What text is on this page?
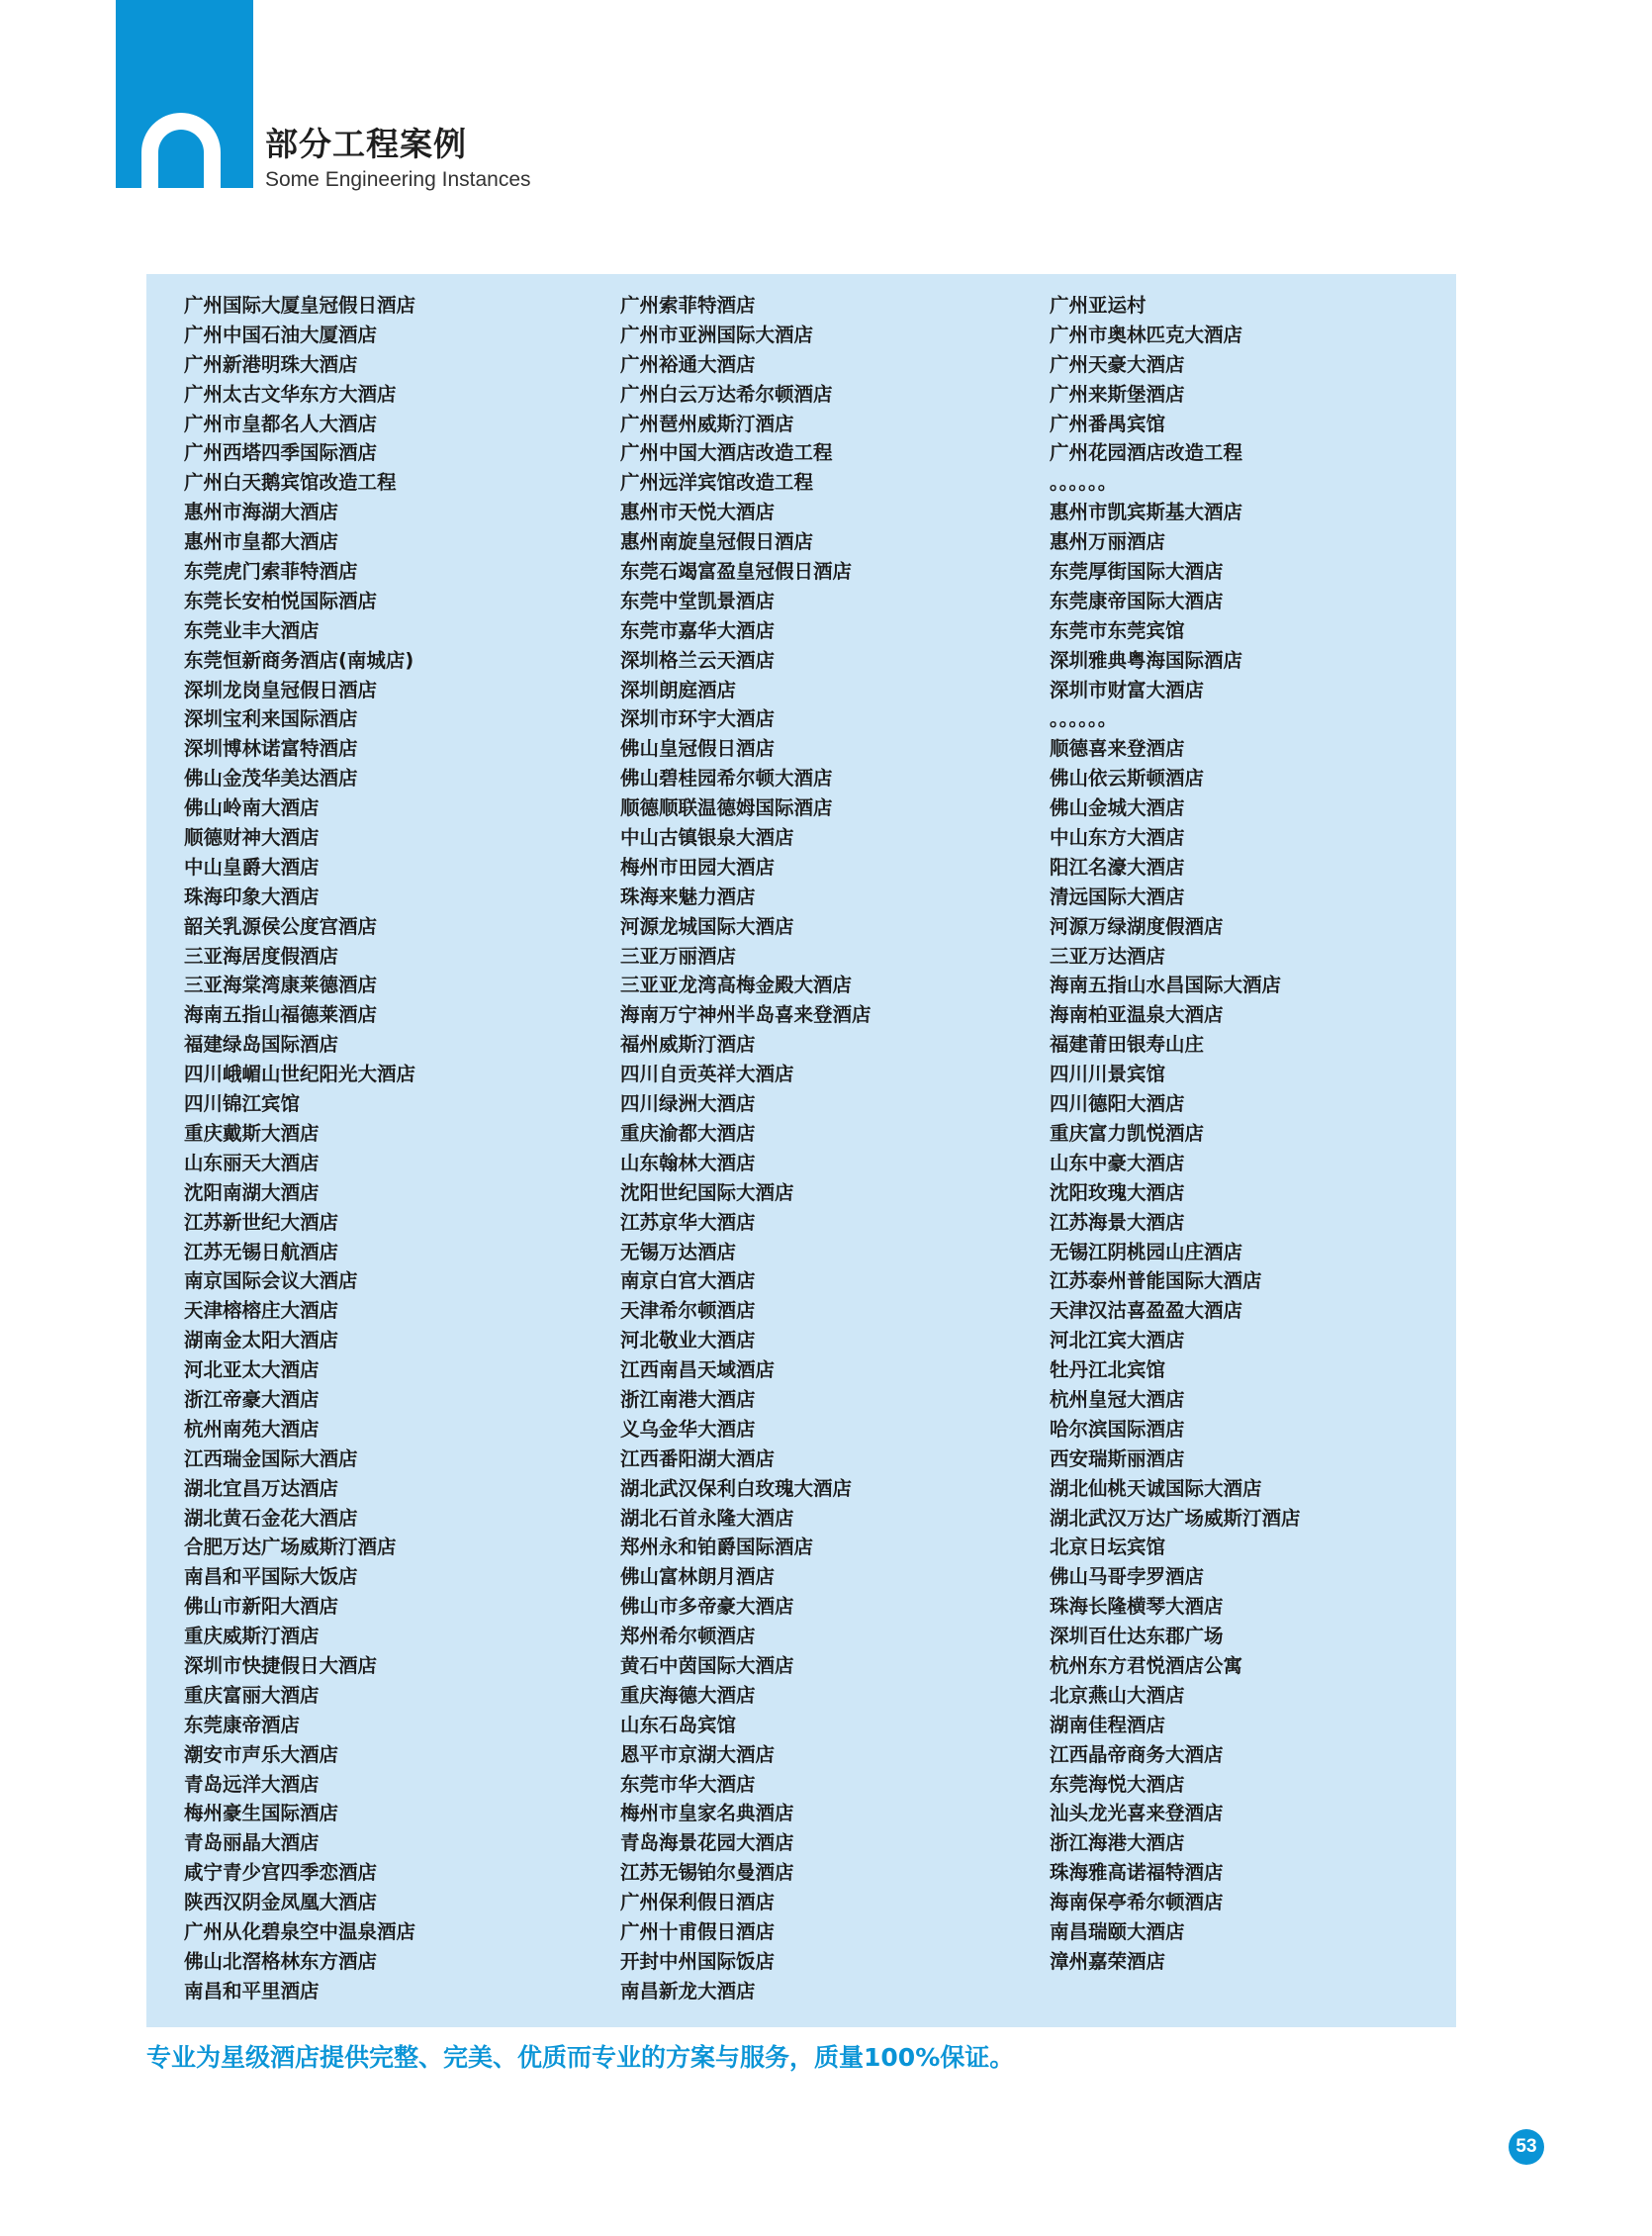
部分工程案例
Some Engineering Instances
广州国际大厦皇冠假日酒店
广州中国石油大厦酒店
广州新港明珠大酒店
广州太古文华东方大酒店
广州市皇都名人大酒店
广州西塔四季国际酒店
广州白天鹅宾馆改造工程
惠州市海湖大酒店
惠州市皇都大酒店
东莞虎门索菲特酒店
东莞长安柏悦国际酒店
东莞业丰大酒店
东莞恒新商务酒店(南城店)
深圳龙岗皇冠假日酒店
深圳宝利来国际酒店
深圳博林诺富特酒店
佛山金茂华美达酒店
佛山岭南大酒店
顺德财神大酒店
中山皇爵大酒店
珠海印象大酒店
韶关乳源侯公度宫酒店
三亚海居度假酒店
三亚海棠湾康莱德酒店
海南五指山福德莱酒店
福建绿岛国际酒店
四川峨嵋山世纪阳光大酒店
四川锦江宾馆
重庆戴斯大酒店
山东丽天大酒店
沈阳南湖大酒店
江苏新世纪大酒店
江苏无锡日航酒店
南京国际会议大酒店
天津榕榕庄大酒店
湖南金太阳大酒店
河北亚太大酒店
浙江帝豪大酒店
杭州南苑大酒店
江西瑞金国际大酒店
湖北宜昌万达酒店
湖北黄石金花大酒店
合肥万达广场威斯汀酒店
南昌和平国际大饭店
佛山市新阳大酒店
重庆威斯汀酒店
深圳市快捷假日大酒店
重庆富丽大酒店
东莞康帝酒店
潮安市声乐大酒店
青岛远洋大酒店
梅州豪生国际酒店
青岛丽晶大酒店
咸宁青少宫四季恋酒店
陕西汉阴金凤凰大酒店
广州从化碧泉空中温泉酒店
佛山北滘格林东方酒店
南昌和平里酒店
广州索菲特酒店
广州市亚洲国际大酒店
广州裕通大酒店
广州白云万达希尔顿酒店
广州琶州威斯汀酒店
广州中国大酒店改造工程
广州远洋宾馆改造工程
惠州市天悦大酒店
惠州南旋皇冠假日酒店
东莞石竭富盈皇冠假日酒店
东莞中堂凯景酒店
东莞市嘉华大酒店
深圳格兰云天酒店
深圳朗庭酒店
深圳市环宇大酒店
佛山皇冠假日酒店
佛山碧桂园希尔顿大酒店
顺德顺联温德姆国际酒店
中山古镇银泉大酒店
梅州市田园大酒店
珠海来魅力酒店
河源龙城国际大酒店
三亚万丽酒店
三亚亚龙湾高梅金殿大酒店
海南万宁神州半岛喜来登酒店
福州威斯汀酒店
四川自贡英祥大酒店
四川绿洲大酒店
重庆渝都大酒店
山东翰林大酒店
沈阳世纪国际大酒店
江苏京华大酒店
无锡万达酒店
南京白宫大酒店
天津希尔顿酒店
河北敬业大酒店
江西南昌天域酒店
浙江南港大酒店
义乌金华大酒店
江西番阳湖大酒店
湖北武汉保利白玫瑰大酒店
湖北石首永隆大酒店
郑州永和铂爵国际酒店
佛山富林朗月酒店
佛山市多帝豪大酒店
郑州希尔顿酒店
黄石中茵国际大酒店
重庆海德大酒店
山东石岛宾馆
恩平市京湖大酒店
东莞市华大酒店
梅州市皇家名典酒店
青岛海景花园大酒店
江苏无锡铂尔曼酒店
广州保利假日酒店
广州十甫假日酒店
开封中州国际饭店
南昌新龙大酒店
广州亚运村
广州市奥林匹克大酒店
广州天豪大酒店
广州来斯堡酒店
广州番禺宾馆
广州花园酒店改造工程
。。。。。。
惠州市凯宾斯基大酒店
惠州万丽酒店
东莞厚街国际大酒店
东莞康帝国际大酒店
东莞市东莞宾馆
深圳雅典粤海国际酒店
深圳市财富大酒店
。。。。。。
顺德喜来登酒店
佛山依云斯顿酒店
佛山金城大酒店
中山东方大酒店
阳江名濠大酒店
清远国际大酒店
河源万绿湖度假酒店
三亚万达酒店
海南五指山水昌国际大酒店
海南柏亚温泉大酒店
福建莆田银寿山庄
四川川景宾馆
四川德阳大酒店
重庆富力凯悦酒店
山东中豪大酒店
沈阳玫瑰大酒店
江苏海景大酒店
无锡江阴桃园山庄酒店
江苏泰州普能国际大酒店
天津汉沽喜盈盈大酒店
河北江宾大酒店
牡丹江北宾馆
杭州皇冠大酒店
哈尔滨国际酒店
西安瑞斯丽酒店
湖北仙桃天诚国际大酒店
湖北武汉万达广场威斯汀酒店
北京日坛宾馆
佛山马哥孛罗酒店
珠海长隆横琴大酒店
深圳百仕达东郡广场
杭州东方君悦酒店公寓
北京燕山大酒店
湖南佳程酒店
江西晶帝商务大酒店
东莞海悦大酒店
汕头龙光喜来登酒店
浙江海港大酒店
珠海雅高诺福特酒店
海南保亭希尔顿酒店
南昌瑞颐大酒店
漳州嘉荣酒店
专业为星级酒店提供完整、完美、优质而专业的方案与服务，质量100%保证。
53
